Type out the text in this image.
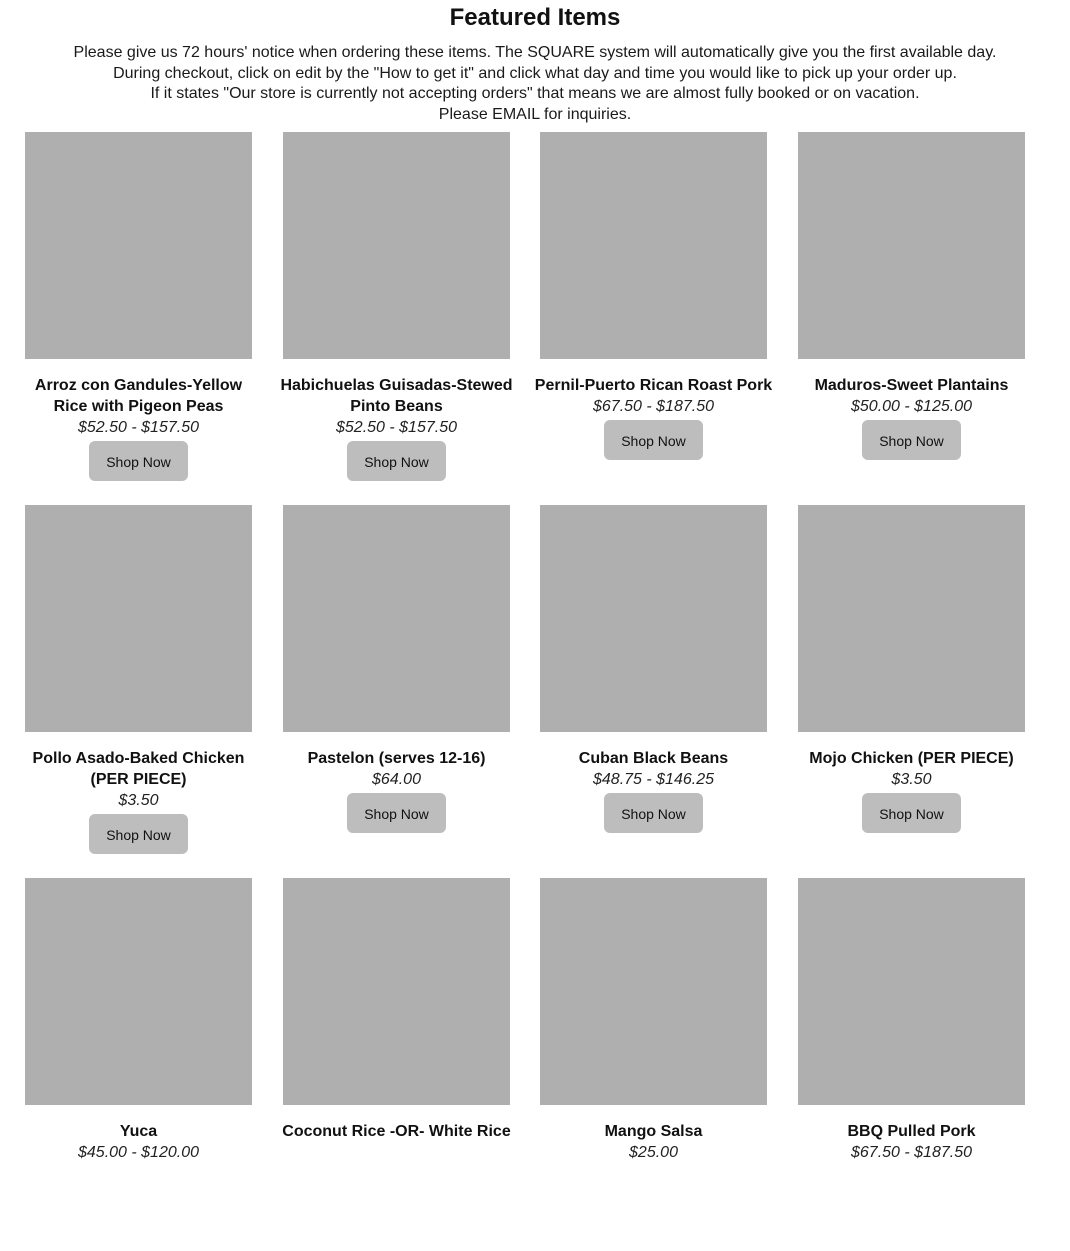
Featured Items

Please give us 72 hours' notice when ordering these items. The SQUARE system will automatically give you the first available day.

During checkout, click on edit by the "How to get it" and click what day and time you would like to pick up your order up.

If it states "Our store is currently not accepting orders" that means we are almost fully booked or on vacation.

Please EMAIL for inquiries.

Arroz con Gandules-Yellow Rice with Pigeon Peas
$52.50 - $157.50
Shop Now
Habichuelas Guisadas-Stewed Pinto Beans
$52.50 - $157.50
Shop Now
Pernil-Puerto Rican Roast Pork
$67.50 - $187.50
Shop Now
Maduros-Sweet Plantains
$50.00 - $125.00
Shop Now
Pollo Asado-Baked Chicken (PER PIECE)
$3.50
Shop Now
Pastelon (serves 12-16)
$64.00
Shop Now
Cuban Black Beans
$48.75 - $146.25
Shop Now
Mojo Chicken (PER PIECE)
$3.50
Shop Now
Yuca
$45.00 - $120.00
Coconut Rice -OR- White Rice	Mango Salsa
$25.00
BBQ Pulled Pork
$67.50 - $187.50
